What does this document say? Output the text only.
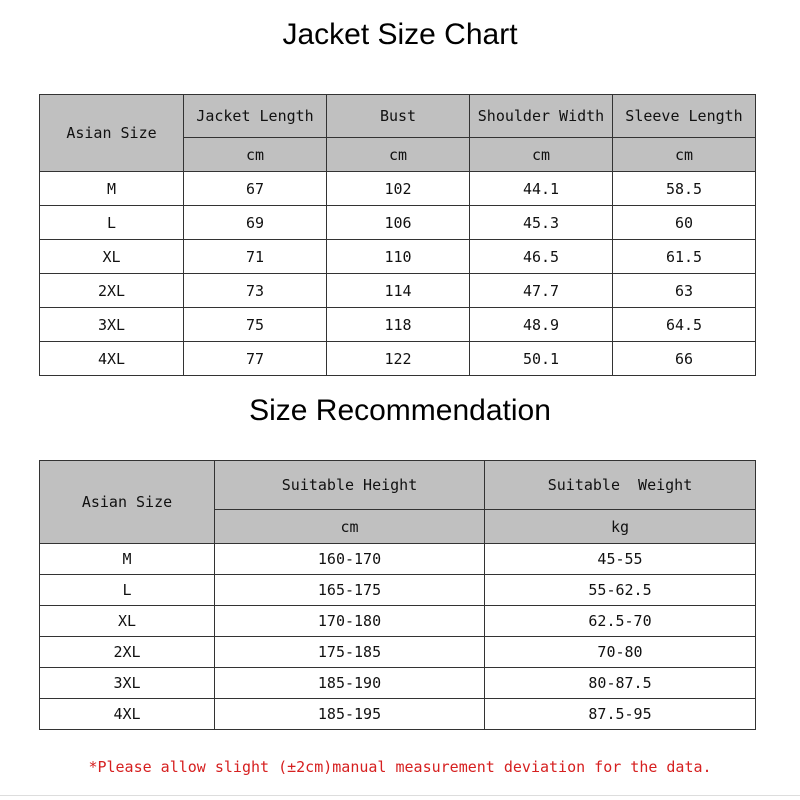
Jacket Size Chart
Asian Size	Jacket Length	Bust	Shoulder Width	Sleeve Length
	cm	cm	cm	cm
M	67	102	44.1	58.5
L	69	106	45.3	60
XL	71	110	46.5	61.5
2XL	73	114	47.7	63
3XL	75	118	48.9	64.5
4XL	77	122	50.1	66
Size Recommendation
Asian Size	Suitable Height	Suitable  Weight
	cm	kg
M	160-170	45-55
L	165-175	55-62.5
XL	170-180	62.5-70
2XL	175-185	70-80
3XL	185-190	80-87.5
4XL	185-195	87.5-95
*Please allow slight (±2cm)manual measurement deviation for the data.
